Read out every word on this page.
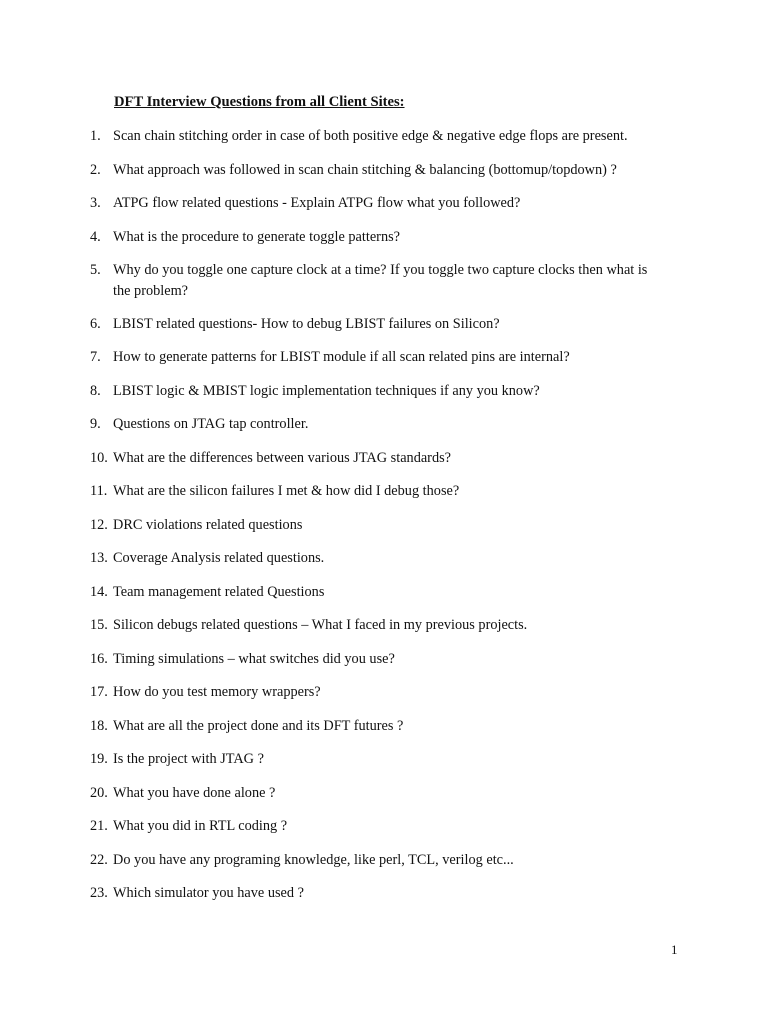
DFT Interview Questions from all Client Sites:
1. Scan chain stitching order in case of both positive edge & negative edge flops are present.
2. What approach was followed in scan chain stitching & balancing (bottomup/topdown) ?
3. ATPG flow related questions - Explain ATPG flow what you followed?
4. What is the procedure to generate toggle patterns?
5. Why do you toggle one capture clock at a time? If you toggle two capture clocks then what is
the problem?
6. LBIST related questions- How to debug LBIST failures on Silicon?
7. How to generate patterns for LBIST module if all scan related pins are internal?
8. LBIST logic & MBIST logic implementation techniques if any you know?
9. Questions on JTAG tap controller.
10. What are the differences between various JTAG standards?
11. What are the silicon failures I met & how did I debug those?
12. DRC violations related questions
13. Coverage Analysis related questions.
14. Team management related Questions
15. Silicon debugs related questions – What I faced in my previous projects.
16. Timing simulations – what switches did you use?
17. How do you test memory wrappers?
18. What are all the project done and its DFT futures ?
19. Is the project with JTAG ?
20. What you have done alone ?
21. What you did in RTL coding ?
22. Do you have any programing knowledge, like perl, TCL, verilog etc...
23. Which simulator you have used ?
1
